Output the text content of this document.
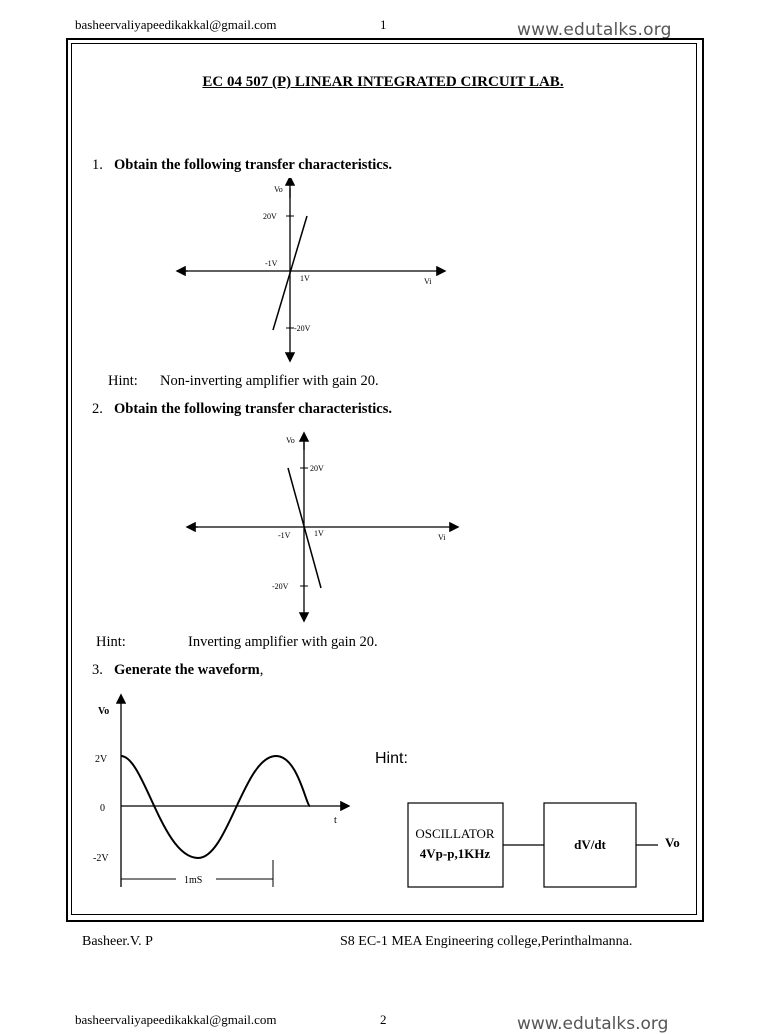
basheervaliyapeedikakkal@gmail.com	1	www.edutalks.org
EC 04 507 (P) LINEAR INTEGRATED CIRCUIT LAB.
1. Obtain the following transfer characteristics.
Vo
20V
-1V
1V	Vi
-20V
Hint: Non-inverting amplifier with gain 20.
2. Obtain the following transfer characteristics.
Vo
20V
-1V	1V	Vi
-20V
Hint:	Inverting amplifier with gain 20.
3. Generate the waveform,
Vo
2V
0
-2V
t
1mS
Hint:
OSCILLATOR
4Vp-p,1KHz
dV/dt	Vo
Basheer.V. P	S8 EC-1 MEA Engineering college,Perinthalmanna.
basheervaliyapeedikakkal@gmail.com	2	www.edutalks.org
